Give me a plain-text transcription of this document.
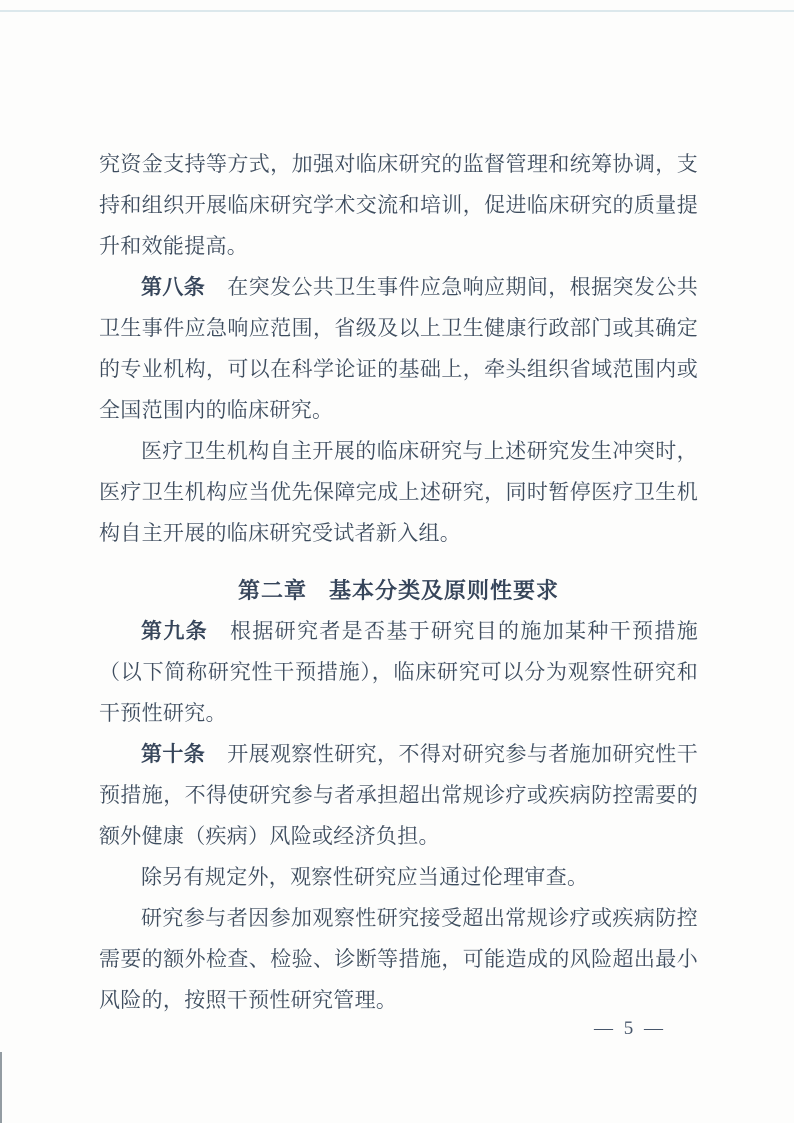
究资金支持等方式，加强对临床研究的监督管理和统筹协调，支持和组织开展临床研究学术交流和培训，促进临床研究的质量提升和效能提高。

第八条 在突发公共卫生事件应急响应期间，根据突发公共卫生事件应急响应范围，省级及以上卫生健康行政部门或其确定的专业机构，可以在科学论证的基础上，牵头组织省域范围内或全国范围内的临床研究。

医疗卫生机构自主开展的临床研究与上述研究发生冲突时，医疗卫生机构应当优先保障完成上述研究，同时暂停医疗卫生机构自主开展的临床研究受试者新入组。

第二章 基本分类及原则性要求

第九条 根据研究者是否基于研究目的施加某种干预措施（以下简称研究性干预措施），临床研究可以分为观察性研究和干预性研究。

第十条 开展观察性研究，不得对研究参与者施加研究性干预措施，不得使研究参与者承担超出常规诊疗或疾病防控需要的额外健康（疾病）风险或经济负担。

除另有规定外，观察性研究应当通过伦理审查。

研究参与者因参加观察性研究接受超出常规诊疗或疾病防控需要的额外检查、检验、诊断等措施，可能造成的风险超出最小风险的，按照干预性研究管理。

— 5 —
